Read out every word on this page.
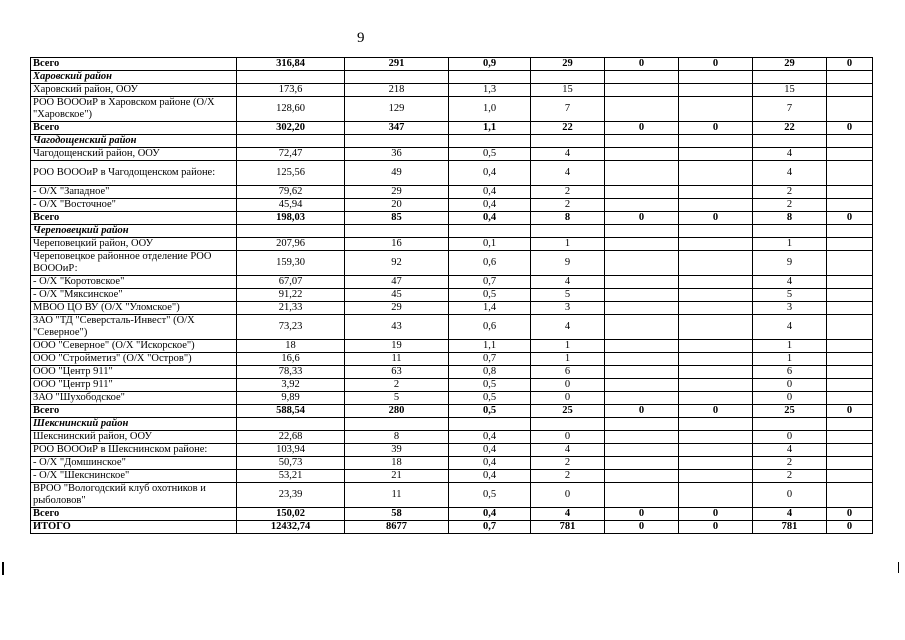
9
Всего	316,84	291	0,9	29	0	0	29	0
Харовский район								
Харовский район, ООУ	173,6	218	1,3	15			15	
РОО ВОООиР в Харовском районе (О/Х "Харовское")	128,60	129	1,0	7			7	
Всего	302,20	347	1,1	22	0	0	22	0
Чагодощенский район								
Чагодощенский район, ООУ	72,47	36	0,5	4			4	
РОО ВОООиР в Чагодощенском районе:	125,56	49	0,4	4			4	
- О/Х "Западное"	79,62	29	0,4	2			2	
- О/Х "Восточное"	45,94	20	0,4	2			2	
Всего	198,03	85	0,4	8	0	0	8	0
Череповецкий район								
Череповецкий район, ООУ	207,96	16	0,1	1			1	
Череповецкое районное отделение РОО ВОООиР:	159,30	92	0,6	9			9	
- О/Х "Коротовское"	67,07	47	0,7	4			4	
- О/Х "Мяксинское"	91,22	45	0,5	5			5	
МВОО ЦО ВУ (О/Х "Уломское")	21,33	29	1,4	3			3	
ЗАО "ТД "Северсталь-Инвест" (О/Х "Северное")	73,23	43	0,6	4			4	
ООО "Северное" (О/Х "Искорское")	18	19	1,1	1			1	
ООО "Стройметиз" (О/Х "Остров")	16,6	11	0,7	1			1	
ООО "Центр 911"	78,33	63	0,8	6			6	
ООО "Центр 911"	3,92	2	0,5	0			0	
ЗАО "Шухободское"	9,89	5	0,5	0			0	
Всего	588,54	280	0,5	25	0	0	25	0
Шекснинский район								
Шекснинский район, ООУ	22,68	8	0,4	0			0	
РОО ВОООиР в Шекснинском районе:	103,94	39	0,4	4			4	
- О/Х "Домшинское"	50,73	18	0,4	2			2	
- О/Х "Шекснинское"	53,21	21	0,4	2			2	
ВРОО "Вологодский клуб охотников и рыболовов"	23,39	11	0,5	0			0	
Всего	150,02	58	0,4	4	0	0	4	0
ИТОГО	12432,74	8677	0,7	781	0	0	781	0
